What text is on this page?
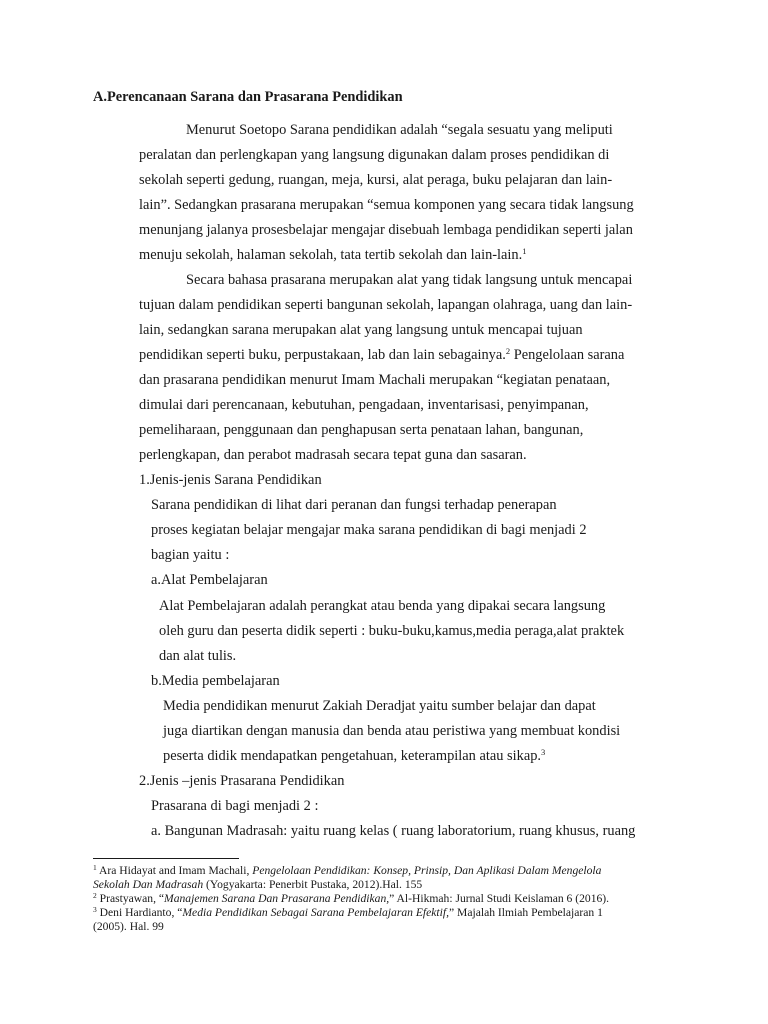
A.Perencanaan Sarana dan Prasarana Pendidikan
Menurut Soetopo Sarana pendidikan adalah “segala sesuatu yang meliputi
peralatan dan perlengkapan yang langsung digunakan dalam proses pendidikan di
sekolah seperti gedung, ruangan, meja, kursi, alat peraga, buku pelajaran dan lain-
lain”. Sedangkan prasarana merupakan “semua komponen yang secara tidak langsung
menunjang jalanya prosesbelajar mengajar disebuah lembaga pendidikan seperti jalan
menuju sekolah, halaman sekolah, tata tertib sekolah dan lain-lain.$^1$
Secara bahasa prasarana merupakan alat yang tidak langsung untuk mencapai
tujuan dalam pendidikan seperti bangunan sekolah, lapangan olahraga, uang dan lain-
lain, sedangkan sarana merupakan alat yang langsung untuk mencapai tujuan
pendidikan seperti buku, perpustakaan, lab dan lain sebagainya.$^2$ Pengelolaan sarana
dan prasarana pendidikan menurut Imam Machali merupakan “kegiatan penataan,
dimulai dari perencanaan, kebutuhan, pengadaan, inventarisasi, penyimpanan,
pemeliharaan, penggunaan dan penghapusan serta penataan lahan, bangunan,
perlengkapan, dan perabot madrasah secara tepat guna dan sasaran.
1.Jenis-jenis Sarana Pendidikan
Sarana pendidikan di lihat dari peranan dan fungsi terhadap penerapan
proses kegiatan belajar mengajar maka sarana pendidikan di bagi menjadi 2
bagian yaitu :
a.Alat Pembelajaran
Alat Pembelajaran adalah perangkat atau benda yang dipakai secara langsung
oleh guru dan peserta didik seperti : buku-buku,kamus,media peraga,alat praktek
dan alat tulis.
b.Media pembelajaran
Media pendidikan menurut Zakiah Deradjat yaitu sumber belajar dan dapat
juga diartikan dengan manusia dan benda atau peristiwa yang membuat kondisi
peserta didik mendapatkan pengetahuan, keterampilan atau sikap.$^3$
2.Jenis –jenis Prasarana Pendidikan
Prasarana di bagi menjadi 2 :
a. Bangunan Madrasah: yaitu ruang kelas ( ruang laboratorium, ruang khusus, ruang
$^1$ Ara Hidayat and Imam Machali, Pengelolaan Pendidikan: Konsep, Prinsip, Dan Aplikasi Dalam Mengelola
Sekolah Dan Madrasah (Yogyakarta: Penerbit Pustaka, 2012).Hal. 155
$^2$ Prastyawan, “Manajemen Sarana Dan Prasarana Pendidikan,” Al-Hikmah: Jurnal Studi Keislaman 6 (2016).
$^3$ Deni Hardianto, “Media Pendidikan Sebagai Sarana Pembelajaran Efektif,” Majalah Ilmiah Pembelajaran 1
(2005). Hal. 99
